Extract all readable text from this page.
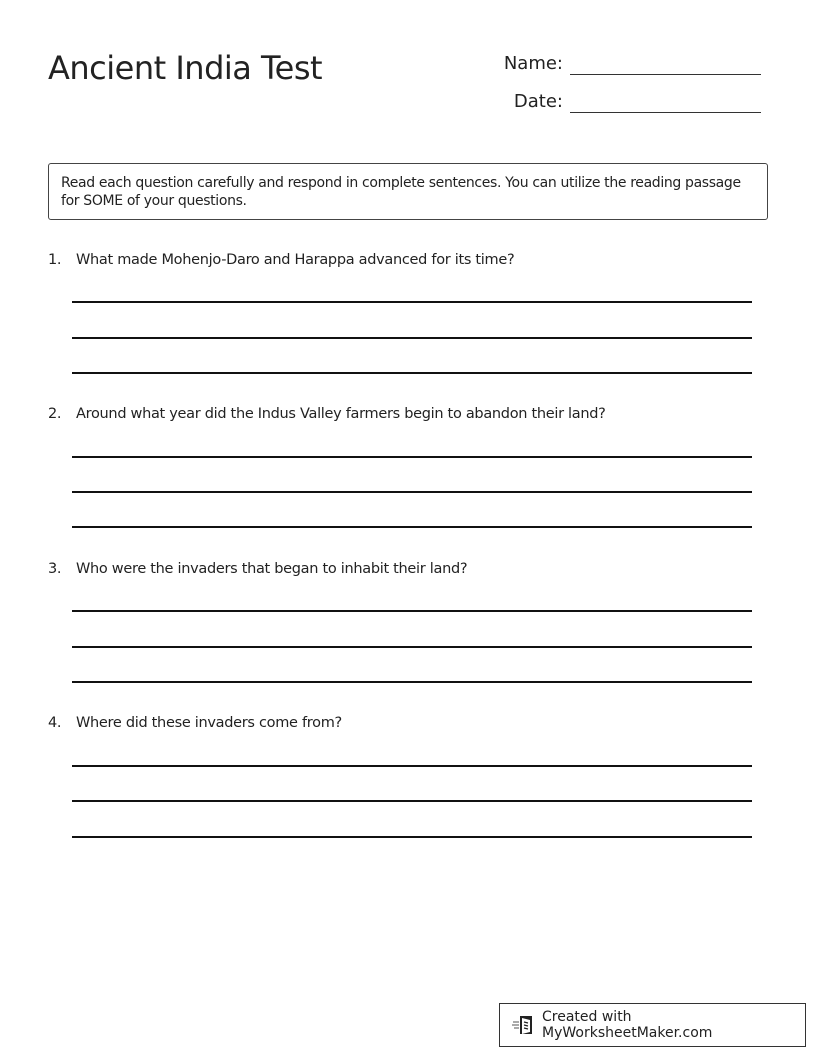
Ancient India Test	Name:
Date:
Read each question carefully and respond in complete sentences. You can utilize the reading passage for SOME of your questions.
1.	What made Mohenjo-Daro and Harappa advanced for its time?
2.	Around what year did the Indus Valley farmers begin to abandon their land?
3.	Who were the invaders that began to inhabit their land?
4.	Where did these invaders come from?
Created with MyWorksheetMaker.com
